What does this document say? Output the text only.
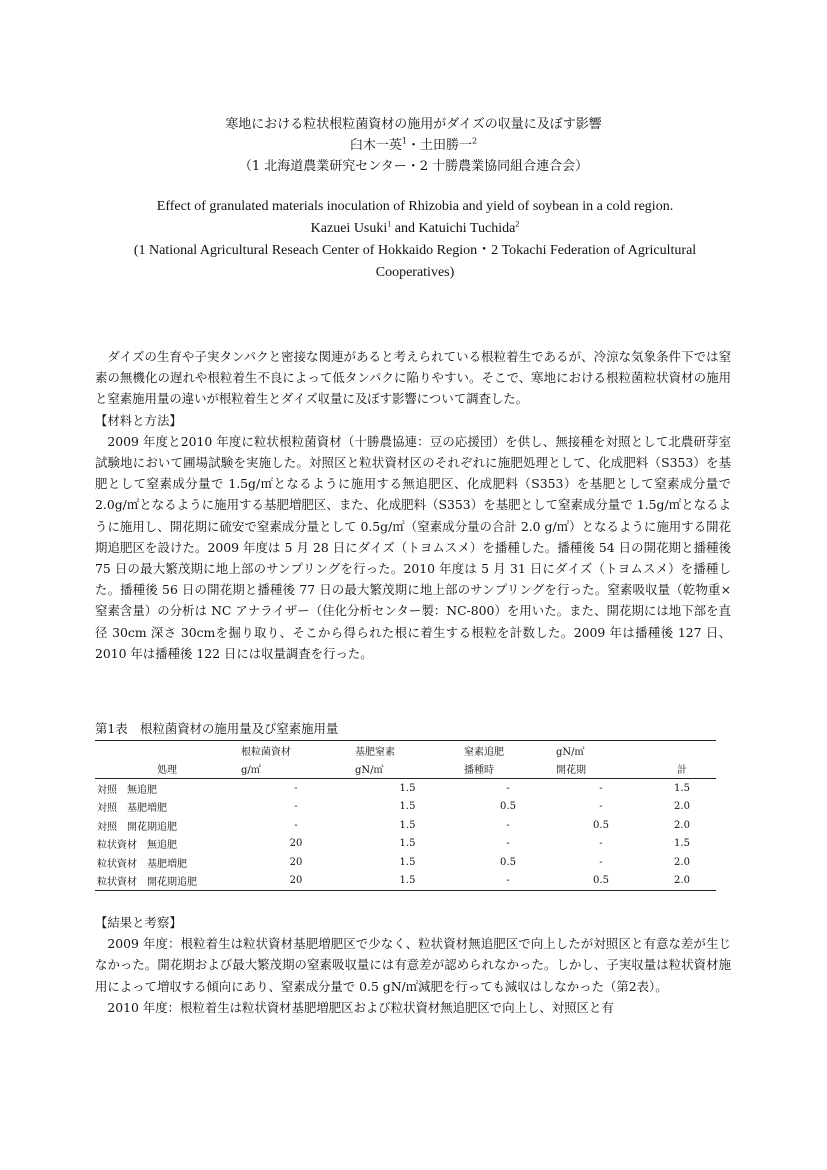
寒地における粒状根粒菌資材の施用がダイズの収量に及ぼす影響
臼木一英$^1$・土田勝一$^2$
（1 北海道農業研究センター・2 十勝農業協同組合連合会）
Effect of granulated materials inoculation of Rhizobia and yield of soybean in a cold region.
Kazuei Usuki$^1$ and Katuichi Tuchida$^2$
(1 National Agricultural Reseach Center of Hokkaido Region・2 Tokachi Federation of Agricultural Cooperatives)
ダイズの生育や子実タンパクと密接な関連があると考えられている根粒着生であるが、冷涼な気象条件下では窒素の無機化の遅れや根粒着生不良によって低タンパクに陥りやすい。そこで、寒地における根粒菌粒状資材の施用と窒素施用量の違いが根粒着生とダイズ収量に及ぼす影響について調査した。
【材料と方法】
2009 年度と2010 年度に粒状根粒菌資材（十勝農協連：豆の応援団）を供し、無接種を対照として北農研芽室試験地において圃場試験を実施した。対照区と粒状資材区のそれぞれに施肥処理として、化成肥料（S353）を基肥として窒素成分量で 1.5g/㎡となるように施用する無追肥区、化成肥料（S353）を基肥として窒素成分量で 2.0g/㎡となるように施用する基肥増肥区、また、化成肥料（S353）を基肥として窒素成分量で 1.5g/㎡となるように施用し、開花期に硫安で窒素成分量として 0.5g/㎡（窒素成分量の合計 2.0 g/㎡）となるように施用する開花期追肥区を設けた。2009 年度は 5 月 28 日にダイズ（トヨムスメ）を播種した。播種後 54 日の開花期と播種後 75 日の最大繁茂期に地上部のサンプリングを行った。2010 年度は 5 月 31 日にダイズ（トヨムスメ）を播種した。播種後 56 日の開花期と播種後 77 日の最大繁茂期に地上部のサンプリングを行った。窒素吸収量（乾物重×窒素含量）の分析は NC アナライザー（住化分析センター製：NC-800）を用いた。また、開花期には地下部を直径 30cm 深さ 30cmを掘り取り、そこから得られた根に着生する根粒を計数した。2009 年は播種後 127 日、2010 年は播種後 122 日には収量調査を行った。
第1表　根粒菌資材の施用量及び窒素施用量
	根粒菌資材	基肥窒素	窒素追肥	gN/㎡	
処理	g/㎡	gN/㎡	播種時	開花期	計
対照　無追肥	-	1.5	-	-	1.5
対照　基肥増肥	-	1.5	0.5	-	2.0
対照　開花期追肥	-	1.5	-	0.5	2.0
粒状資材　無追肥	20	1.5	-	-	1.5
粒状資材　基肥増肥	20	1.5	0.5	-	2.0
粒状資材　開花期追肥	20	1.5	-	0.5	2.0
【結果と考察】
2009 年度：根粒着生は粒状資材基肥増肥区で少なく、粒状資材無追肥区で向上したが対照区と有意な差が生じなかった。開花期および最大繁茂期の窒素吸収量には有意差が認められなかった。しかし、子実収量は粒状資材施用によって増収する傾向にあり、窒素成分量で 0.5 gN/㎡減肥を行っても減収はしなかった（第2表）。
2010 年度：根粒着生は粒状資材基肥増肥区および粒状資材無追肥区で向上し、対照区と有
